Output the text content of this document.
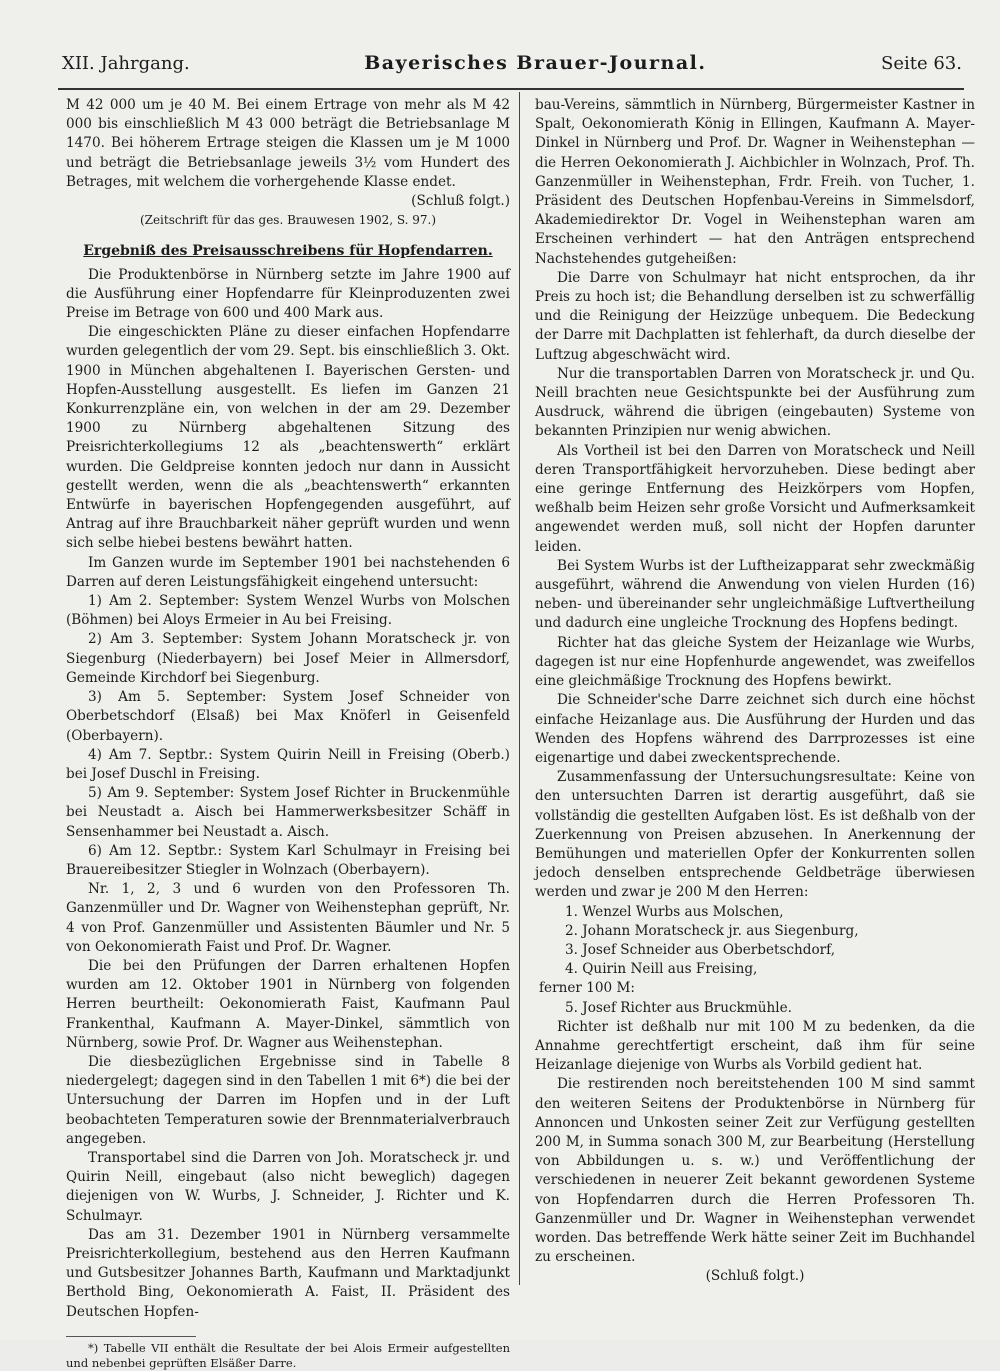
XII. Jahrgang.	Bayerisches Brauer-Journal.	Seite 63.

M 42 000 um je 40 M. Bei einem Ertrage von mehr als M 42 000 bis einschließlich M 43 000 beträgt die Betriebsanlage M 1470. Bei höherem Ertrage steigen die Klassen um je M 1000 und beträgt die Betriebsanlage jeweils 3½ vom Hundert des Betrages, mit welchem die vorhergehende Klasse endet.

(Schluß folgt.)

(Zeitschrift für das ges. Brauwesen 1902, S. 97.)

Ergebniß des Preisausschreibens für Hopfendarren.

Die Produktenbörse in Nürnberg setzte im Jahre 1900 auf die Ausführung einer Hopfendarre für Kleinproduzenten zwei Preise im Betrage von 600 und 400 Mark aus.

Die eingeschickten Pläne zu dieser einfachen Hopfendarre wurden gelegentlich der vom 29. Sept. bis einschließlich 3. Okt. 1900 in München abgehaltenen I. Bayerischen Gersten- und Hopfen-Ausstellung ausgestellt. Es liefen im Ganzen 21 Konkurrenzpläne ein, von welchen in der am 29. Dezember 1900 zu Nürnberg abgehaltenen Sitzung des Preisrichterkollegiums 12 als „beachtenswerth“ erklärt wurden. Die Geldpreise konnten jedoch nur dann in Aussicht gestellt werden, wenn die als „beachtenswerth“ erkannten Entwürfe in bayerischen Hopfengegenden ausgeführt, auf Antrag auf ihre Brauchbarkeit näher geprüft wurden und wenn sich selbe hiebei bestens bewährt hatten.

Im Ganzen wurde im September 1901 bei nachstehenden 6 Darren auf deren Leistungsfähigkeit eingehend untersucht:

1) Am 2. September: System Wenzel Wurbs von Molschen (Böhmen) bei Aloys Ermeier in Au bei Freising.

2) Am 3. September: System Johann Moratscheck jr. von Siegenburg (Niederbayern) bei Josef Meier in Allmersdorf, Gemeinde Kirchdorf bei Siegenburg.

3) Am 5. September: System Josef Schneider von Oberbetschdorf (Elsaß) bei Max Knöferl in Geisenfeld (Oberbayern).

4) Am 7. Septbr.: System Quirin Neill in Freising (Oberb.) bei Josef Duschl in Freising.

5) Am 9. September: System Josef Richter in Bruckenmühle bei Neustadt a. Aisch bei Hammerwerksbesitzer Schäff in Sensenhammer bei Neustadt a. Aisch.

6) Am 12. Septbr.: System Karl Schulmayr in Freising bei Brauereibesitzer Stiegler in Wolnzach (Oberbayern).

Nr. 1, 2, 3 und 6 wurden von den Professoren Th. Ganzenmüller und Dr. Wagner von Weihenstephan geprüft, Nr. 4 von Prof. Ganzenmüller und Assistenten Bäumler und Nr. 5 von Oekonomierath Faist und Prof. Dr. Wagner.

Die bei den Prüfungen der Darren erhaltenen Hopfen wurden am 12. Oktober 1901 in Nürnberg von folgenden Herren beurtheilt: Oekonomierath Faist, Kaufmann Paul Frankenthal, Kaufmann A. Mayer-Dinkel, sämmtlich von Nürnberg, sowie Prof. Dr. Wagner aus Weihenstephan.

Die diesbezüglichen Ergebnisse sind in Tabelle 8 niedergelegt; dagegen sind in den Tabellen 1 mit 6*) die bei der Untersuchung der Darren im Hopfen und in der Luft beobachteten Temperaturen sowie der Brennmaterialverbrauch angegeben.

Transportabel sind die Darren von Joh. Moratscheck jr. und Quirin Neill, eingebaut (also nicht beweglich) dagegen diejenigen von W. Wurbs, J. Schneider, J. Richter und K. Schulmayr.

Das am 31. Dezember 1901 in Nürnberg versammelte Preisrichterkollegium, bestehend aus den Herren Kaufmann und Gutsbesitzer Johannes Barth, Kaufmann und Marktadjunkt Berthold Bing, Oekonomierath A. Faist, II. Präsident des Deutschen Hopfen-

*) Tabelle VII enthält die Resultate der bei Alois Ermeir aufgestellten und nebenbei geprüften Elsäßer Darre.

bau-Vereins, sämmtlich in Nürnberg, Bürgermeister Kastner in Spalt, Oekonomierath König in Ellingen, Kaufmann A. Mayer-Dinkel in Nürnberg und Prof. Dr. Wagner in Weihenstephan — die Herren Oekonomierath J. Aichbichler in Wolnzach, Prof. Th. Ganzenmüller in Weihenstephan, Frdr. Freih. von Tucher, 1. Präsident des Deutschen Hopfenbau-Vereins in Simmelsdorf, Akademiedirektor Dr. Vogel in Weihenstephan waren am Erscheinen verhindert — hat den Anträgen entsprechend Nachstehendes gutgeheißen:

Die Darre von Schulmayr hat nicht entsprochen, da ihr Preis zu hoch ist; die Behandlung derselben ist zu schwerfällig und die Reinigung der Heizzüge unbequem. Die Bedeckung der Darre mit Dachplatten ist fehlerhaft, da durch dieselbe der Luftzug abgeschwächt wird.

Nur die transportablen Darren von Moratscheck jr. und Qu. Neill brachten neue Gesichtspunkte bei der Ausführung zum Ausdruck, während die übrigen (eingebauten) Systeme von bekannten Prinzipien nur wenig abwichen.

Als Vortheil ist bei den Darren von Moratscheck und Neill deren Transportfähigkeit hervorzuheben. Diese bedingt aber eine geringe Entfernung des Heizkörpers vom Hopfen, weßhalb beim Heizen sehr große Vorsicht und Aufmerksamkeit angewendet werden muß, soll nicht der Hopfen darunter leiden.

Bei System Wurbs ist der Luftheizapparat sehr zweckmäßig ausgeführt, während die Anwendung von vielen Hurden (16) neben- und übereinander sehr ungleichmäßige Luftvertheilung und dadurch eine ungleiche Trocknung des Hopfens bedingt.

Richter hat das gleiche System der Heizanlage wie Wurbs, dagegen ist nur eine Hopfenhurde angewendet, was zweifellos eine gleichmäßige Trocknung des Hopfens bewirkt.

Die Schneider'sche Darre zeichnet sich durch eine höchst einfache Heizanlage aus. Die Ausführung der Hurden und das Wenden des Hopfens während des Darrprozesses ist eine eigenartige und dabei zweckentsprechende.

Zusammenfassung der Untersuchungsresultate: Keine von den untersuchten Darren ist derartig ausgeführt, daß sie vollständig die gestellten Aufgaben löst. Es ist deßhalb von der Zuerkennung von Preisen abzusehen. In Anerkennung der Bemühungen und materiellen Opfer der Konkurrenten sollen jedoch denselben entsprechende Geldbeträge überwiesen werden und zwar je 200 M den Herren:

1. Wenzel Wurbs aus Molschen,

2. Johann Moratscheck jr. aus Siegenburg,

3. Josef Schneider aus Oberbetschdorf,

4. Quirin Neill aus Freising,

ferner 100 M:

5. Josef Richter aus Bruckmühle.

Richter ist deßhalb nur mit 100 M zu bedenken, da die Annahme gerechtfertigt erscheint, daß ihm für seine Heizanlage diejenige von Wurbs als Vorbild gedient hat.

Die restirenden noch bereitstehenden 100 M sind sammt den weiteren Seitens der Produktenbörse in Nürnberg für Annoncen und Unkosten seiner Zeit zur Verfügung gestellten 200 M, in Summa sonach 300 M, zur Bearbeitung (Herstellung von Abbildungen u. s. w.) und Veröffentlichung der verschiedenen in neuerer Zeit bekannt gewordenen Systeme von Hopfendarren durch die Herren Professoren Th. Ganzenmüller und Dr. Wagner in Weihenstephan verwendet worden. Das betreffende Werk hätte seiner Zeit im Buchhandel zu erscheinen.

(Schluß folgt.)
